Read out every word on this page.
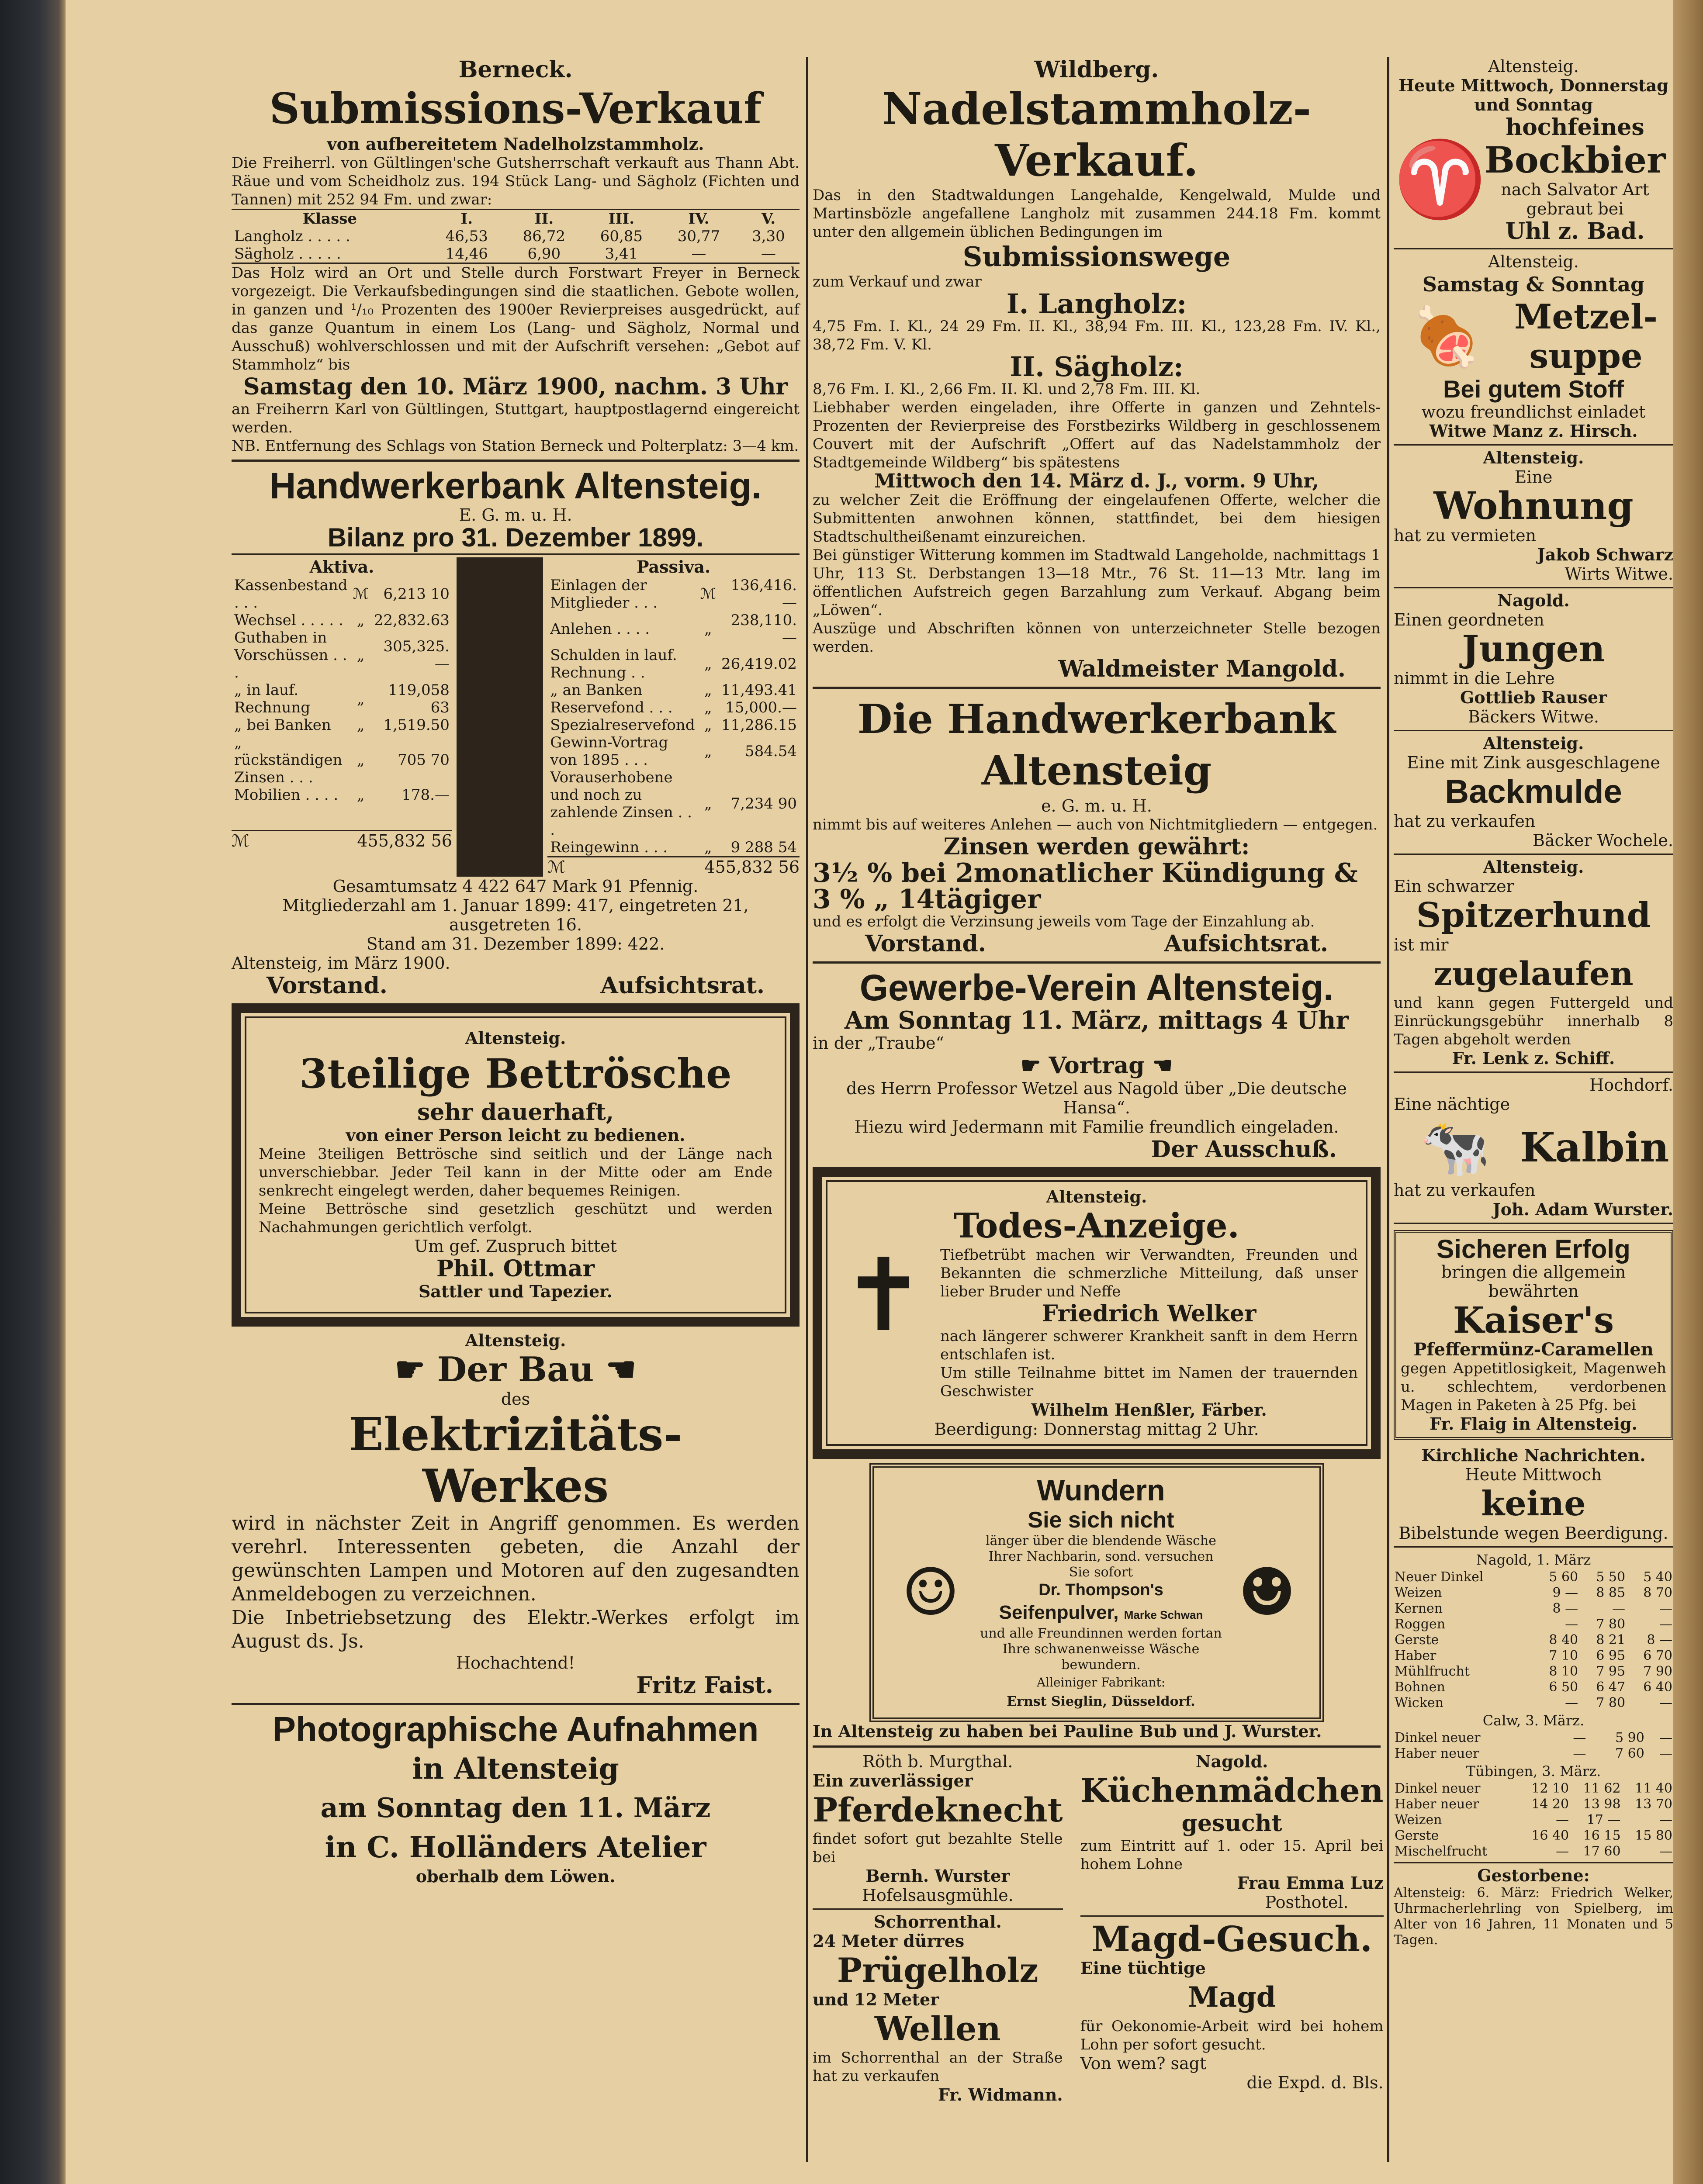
Berneck.
Submissions-Verkauf
von aufbereitetem Nadelholzstammholz.
Die Freiherrl. von Gültlingen'sche Gutsherrschaft verkauft aus Thann Abt. Räue und vom Scheidholz zus. 194 Stück Lang- und Sägholz (Fichten und Tannen) mit 252 94 Fm. und zwar:
Klasse	I.	II.	III.	IV.	V.
Langholz . . . . .	46,53	86,72	60,85	30,77	3,30
Sägholz . . . . .	14,46	6,90	3,41	—	—
Das Holz wird an Ort und Stelle durch Forstwart Freyer in Berneck vorgezeigt. Die Verkaufsbedingungen sind die staatlichen. Gebote wollen, in ganzen und ¹/₁₀ Prozenten des 1900er Revierpreises ausgedrückt, auf das ganze Quantum in einem Los (Lang- und Sägholz, Normal und Ausschuß) wohlverschlossen und mit der Aufschrift versehen: „Gebot auf Stammholz“ bis
Samstag den 10. März 1900, nachm. 3 Uhr
an Freiherrn Karl von Gültlingen, Stuttgart, hauptpostlagernd eingereicht werden.
NB. Entfernung des Schlags von Station Berneck und Polterplatz: 3—4 km.
Handwerkerbank Altensteig.
E. G. m. u. H.
Bilanz pro 31. Dezember 1899.
Aktiva.
Kassenbestand . . .	ℳ	6,213 10
Wechsel . . . . .	„	22,832.63
Guthaben in Vorschüssen . . .	„	305,325.—
„ in lauf. Rechnung	„	119,058 63
„ bei Banken	„	1,519.50
„ rückständigen Zinsen . . .	„	705 70
Mobilien . . . .	„	178.—
ℳ	455,832 56
Passiva.
Einlagen der Mitglieder . . .	ℳ	136,416.—
Anlehen . . . .	„	238,110.—
Schulden in lauf. Rechnung . .	„	26,419.02
„ an Banken	„	11,493.41
Reservefond . . .	„	15,000.—
Spezialreservefond	„	11,286.15
Gewinn-Vortrag von 1895 . . .	„	584.54
Vorauserhobene und noch zu zahlende Zinsen . . .	„	7,234 90
Reingewinn . . .	„	9 288 54
ℳ	455,832 56
Gesamtumsatz 4 422 647 Mark 91 Pfennig.
Mitgliederzahl am 1. Januar 1899: 417, eingetreten 21, ausgetreten 16.
Stand am 31. Dezember 1899: 422.
Altensteig, im März 1900.
Vorstand.	Aufsichtsrat.
Altensteig.
3teilige Bettrösche
sehr dauerhaft,
von einer Person leicht zu bedienen.
Meine 3teiligen Bettrösche sind seitlich und der Länge nach unverschiebbar. Jeder Teil kann in der Mitte oder am Ende senkrecht eingelegt werden, daher bequemes Reinigen.
Meine Bettrösche sind gesetzlich geschützt und werden Nachahmungen gerichtlich verfolgt.
Um gef. Zuspruch bittet
Phil. Ottmar
Sattler und Tapezier.
Altensteig.
☛ Der Bau ☚
des
Elektrizitäts-
Werkes
wird in nächster Zeit in Angriff genommen. Es werden verehrl. Interessenten gebeten, die Anzahl der gewünschten Lampen und Motoren auf den zugesandten Anmeldebogen zu verzeichnen.
Die Inbetriebsetzung des Elektr.-Werkes erfolgt im August ds. Js.
Hochachtend!
Fritz Faist.
Photographische Aufnahmen
in Altensteig
am Sonntag den 11. März
in C. Holländers Atelier
oberhalb dem Löwen.
Wildberg.
Nadelstammholz-Verkauf.
Das in den Stadtwaldungen Langehalde, Kengelwald, Mulde und Martinsbözle angefallene Langholz mit zusammen 244.18 Fm. kommt unter den allgemein üblichen Bedingungen im
Submissionswege
zum Verkauf und zwar
I. Langholz:
4,75 Fm. I. Kl., 24 29 Fm. II. Kl., 38,94 Fm. III. Kl., 123,28 Fm. IV. Kl., 38,72 Fm. V. Kl.
II. Sägholz:
8,76 Fm. I. Kl., 2,66 Fm. II. Kl. und 2,78 Fm. III. Kl.
Liebhaber werden eingeladen, ihre Offerte in ganzen und Zehntels-Prozenten der Revierpreise des Forstbezirks Wildberg in geschlossenem Couvert mit der Aufschrift „Offert auf das Nadelstammholz der Stadtgemeinde Wildberg“ bis spätestens
Mittwoch den 14. März d. J., vorm. 9 Uhr,
zu welcher Zeit die Eröffnung der eingelaufenen Offerte, welcher die Submittenten anwohnen können, stattfindet, bei dem hiesigen Stadtschultheißenamt einzureichen.
Bei günstiger Witterung kommen im Stadtwald Langeholde, nachmittags 1 Uhr, 113 St. Derbstangen 13—18 Mtr., 76 St. 11—13 Mtr. lang im öffentlichen Aufstreich gegen Barzahlung zum Verkauf. Abgang beim „Löwen“.
Auszüge und Abschriften können von unterzeichneter Stelle bezogen werden.
Waldmeister Mangold.
Die Handwerkerbank Altensteig
e. G. m. u. H.
nimmt bis auf weiteres Anlehen — auch von Nichtmitgliedern — entgegen.
Zinsen werden gewährt:
3½ % bei 2monatlicher Kündigung &
3 % „ 14tägiger
und es erfolgt die Verzinsung jeweils vom Tage der Einzahlung ab.
Vorstand.	Aufsichtsrat.
Gewerbe-Verein Altensteig.
Am Sonntag 11. März, mittags 4 Uhr
in der „Traube“
☛ Vortrag ☚
des Herrn Professor Wetzel aus Nagold über „Die deutsche Hansa“.
Hiezu wird Jedermann mit Familie freundlich eingeladen.
Der Ausschuß.
Altensteig.
Todes-Anzeige.
✝ Tiefbetrübt machen wir Verwandten, Freunden und Bekannten die schmerzliche Mitteilung, daß unser lieber Bruder und Neffe
Friedrich Welker
nach längerer schwerer Krankheit sanft in dem Herrn entschlafen ist.
Um stille Teilnahme bittet im Namen der trauernden Geschwister
Wilhelm Henßler, Färber.
Beerdigung: Donnerstag mittag 2 Uhr.
☺
Wundern
Sie sich nicht
länger über die blendende Wäsche Ihrer Nachbarin, sond. versuchen Sie sofort
Dr. Thompson's
Seifenpulver, Marke Schwan
und alle Freundinnen werden fortan Ihre schwanenweisse Wäsche bewundern.
Alleiniger Fabrikant:
Ernst Sieglin, Düsseldorf.
☻
In Altensteig zu haben bei Pauline Bub und J. Wurster.
Röth b. Murgthal.
Ein zuverlässiger
Pferdeknecht
findet sofort gut bezahlte Stelle bei
Bernh. Wurster
Hofelsausgmühle.
Schorrenthal.
24 Meter dürres
Prügelholz
und 12 Meter
Wellen
im Schorrenthal an der Straße hat zu verkaufen
Fr. Widmann.
Nagold.
Küchenmädchen
gesucht
zum Eintritt auf 1. oder 15. April bei hohem Lohne
Frau Emma Luz
Posthotel.
Magd-Gesuch.
Eine tüchtige
Magd
für Oekonomie-Arbeit wird bei hohem Lohn per sofort gesucht.
Von wem? sagt
die Expd. d. Bls.
Altensteig.
Heute Mittwoch, Donnerstag und Sonntag
♈
hochfeines
Bockbier
nach Salvator Art gebraut bei
Uhl z. Bad.
Altensteig.
Samstag & Sonntag
🍖 Metzel-
suppe
Bei gutem Stoff
wozu freundlichst einladet
Witwe Manz z. Hirsch.
Altensteig.
Eine
Wohnung
hat zu vermieten
Jakob Schwarz
Wirts Witwe.
Nagold.
Einen geordneten
Jungen
nimmt in die Lehre
Gottlieb Rauser
Bäckers Witwe.
Altensteig.
Eine mit Zink ausgeschlagene
Backmulde
hat zu verkaufen
Bäcker Wochele.
Altensteig.
Ein schwarzer
Spitzerhund
ist mir
zugelaufen
und kann gegen Futtergeld und Einrückungsgebühr innerhalb 8 Tagen abgeholt werden
Fr. Lenk z. Schiff.
Hochdorf.
Eine nächtige
🐄 Kalbin
hat zu verkaufen
Joh. Adam Wurster.
Sicheren Erfolg
bringen die allgemein bewährten
Kaiser's
Pfeffermünz-Caramellen
gegen Appetitlosigkeit, Magenweh u. schlechtem, verdorbenen Magen in Paketen à 25 Pfg. bei
Fr. Flaig in Altensteig.
Kirchliche Nachrichten.
Heute Mittwoch
keine
Bibelstunde wegen Beerdigung.
Nagold, 1. März
Neuer Dinkel	5 60	5 50	5 40
Weizen	9 —	8 85	8 70
Kernen	8 —	—	—
Roggen	—	7 80	—
Gerste	8 40	8 21	8 —
Haber	7 10	6 95	6 70
Mühlfrucht	8 10	7 95	7 90
Bohnen	6 50	6 47	6 40
Wicken	—	7 80	—
Calw, 3. März.
Dinkel neuer	—	5 90	—
Haber neuer	—	7 60	—
Tübingen, 3. März.
Dinkel neuer	12 10	11 62	11 40
Haber neuer	14 20	13 98	13 70
Weizen	—	17 —	—
Gerste	16 40	16 15	15 80
Mischelfrucht	—	17 60	—
Gestorbene:
Altensteig: 6. März: Friedrich Welker, Uhrmacherlehrling von Spielberg, im Alter von 16 Jahren, 11 Monaten und 5 Tagen.
